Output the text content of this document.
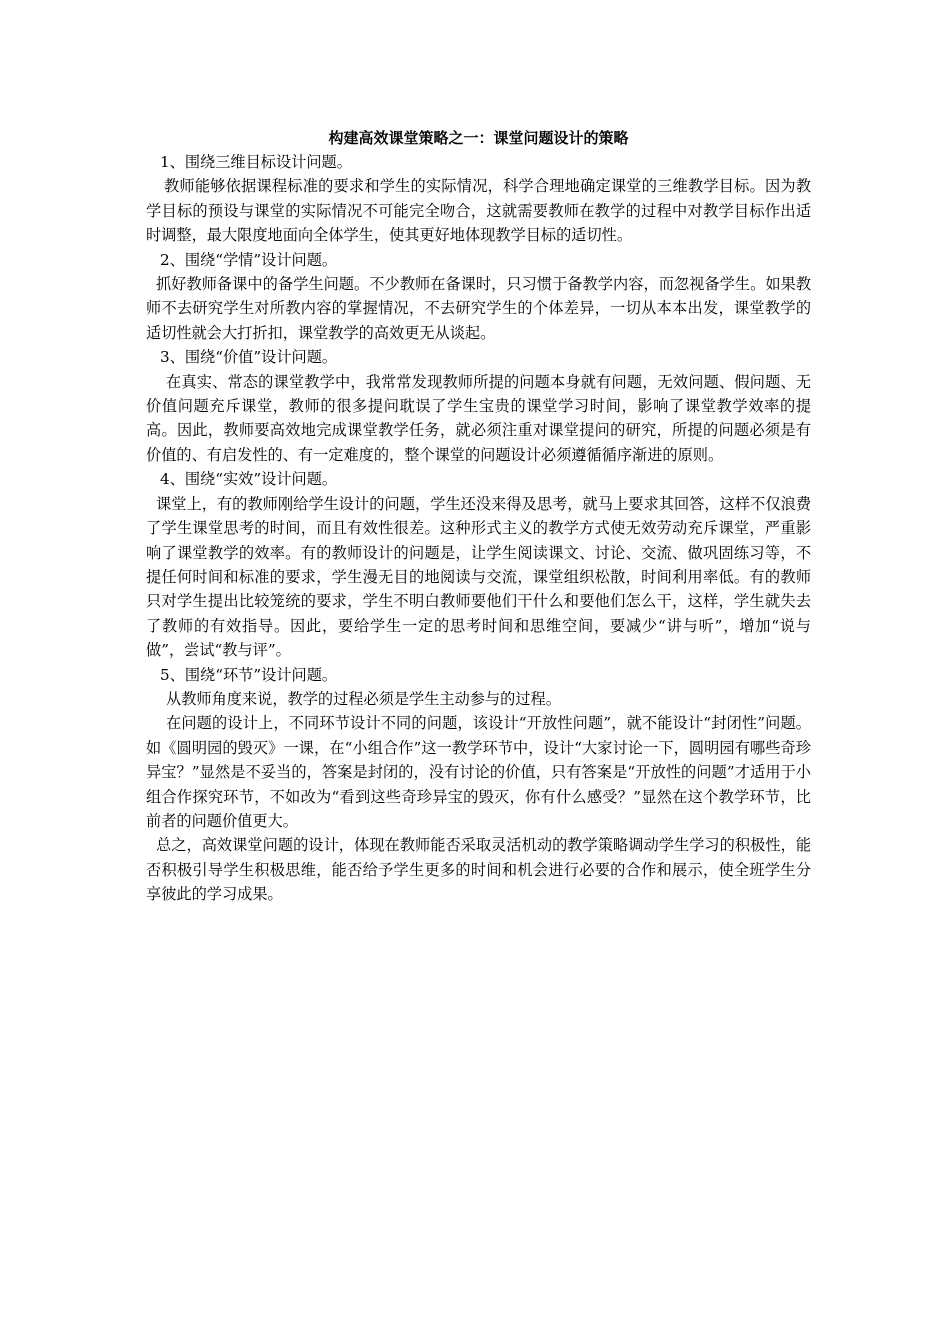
构建高效课堂策略之一：课堂问题设计的策略

1、围绕三维目标设计问题。

教师能够依据课程标准的要求和学生的实际情况，科学合理地确定课堂的三维教学目标。因为教学目标的预设与课堂的实际情况不可能完全吻合，这就需要教师在教学的过程中对教学目标作出适时调整，最大限度地面向全体学生，使其更好地体现教学目标的适切性。

2、围绕“学情”设计问题。

抓好教师备课中的备学生问题。不少教师在备课时，只习惯于备教学内容，而忽视备学生。如果教师不去研究学生对所教内容的掌握情况，不去研究学生的个体差异，一切从本本出发，课堂教学的适切性就会大打折扣，课堂教学的高效更无从谈起。

3、围绕“价值”设计问题。

在真实、常态的课堂教学中，我常常发现教师所提的问题本身就有问题，无效问题、假问题、无价值问题充斥课堂，教师的很多提问耽误了学生宝贵的课堂学习时间，影响了课堂教学效率的提高。因此，教师要高效地完成课堂教学任务，就必须注重对课堂提问的研究，所提的问题必须是有价值的、有启发性的、有一定难度的，整个课堂的问题设计必须遵循循序渐进的原则。

4、围绕“实效”设计问题。

课堂上，有的教师刚给学生设计的问题，学生还没来得及思考，就马上要求其回答，这样不仅浪费了学生课堂思考的时间，而且有效性很差。这种形式主义的教学方式使无效劳动充斥课堂，严重影响了课堂教学的效率。有的教师设计的问题是，让学生阅读课文、讨论、交流、做巩固练习等，不提任何时间和标准的要求，学生漫无目的地阅读与交流，课堂组织松散，时间利用率低。有的教师只对学生提出比较笼统的要求，学生不明白教师要他们干什么和要他们怎么干，这样，学生就失去了教师的有效指导。因此，要给学生一定的思考时间和思维空间，要减少“讲与听”，增加“说与做”，尝试“教与评”。

5、围绕“环节”设计问题。

从教师角度来说，教学的过程必须是学生主动参与的过程。

在问题的设计上，不同环节设计不同的问题，该设计“开放性问题”，就不能设计“封闭性”问题。如《圆明园的毁灭》一课，在“小组合作”这一教学环节中，设计“大家讨论一下，圆明园有哪些奇珍异宝？”显然是不妥当的，答案是封闭的，没有讨论的价值，只有答案是“开放性的问题”才适用于小组合作探究环节，不如改为“看到这些奇珍异宝的毁灭，你有什么感受？”显然在这个教学环节，比前者的问题价值更大。

总之，高效课堂问题的设计，体现在教师能否采取灵活机动的教学策略调动学生学习的积极性，能否积极引导学生积极思维，能否给予学生更多的时间和机会进行必要的合作和展示，使全班学生分享彼此的学习成果。
